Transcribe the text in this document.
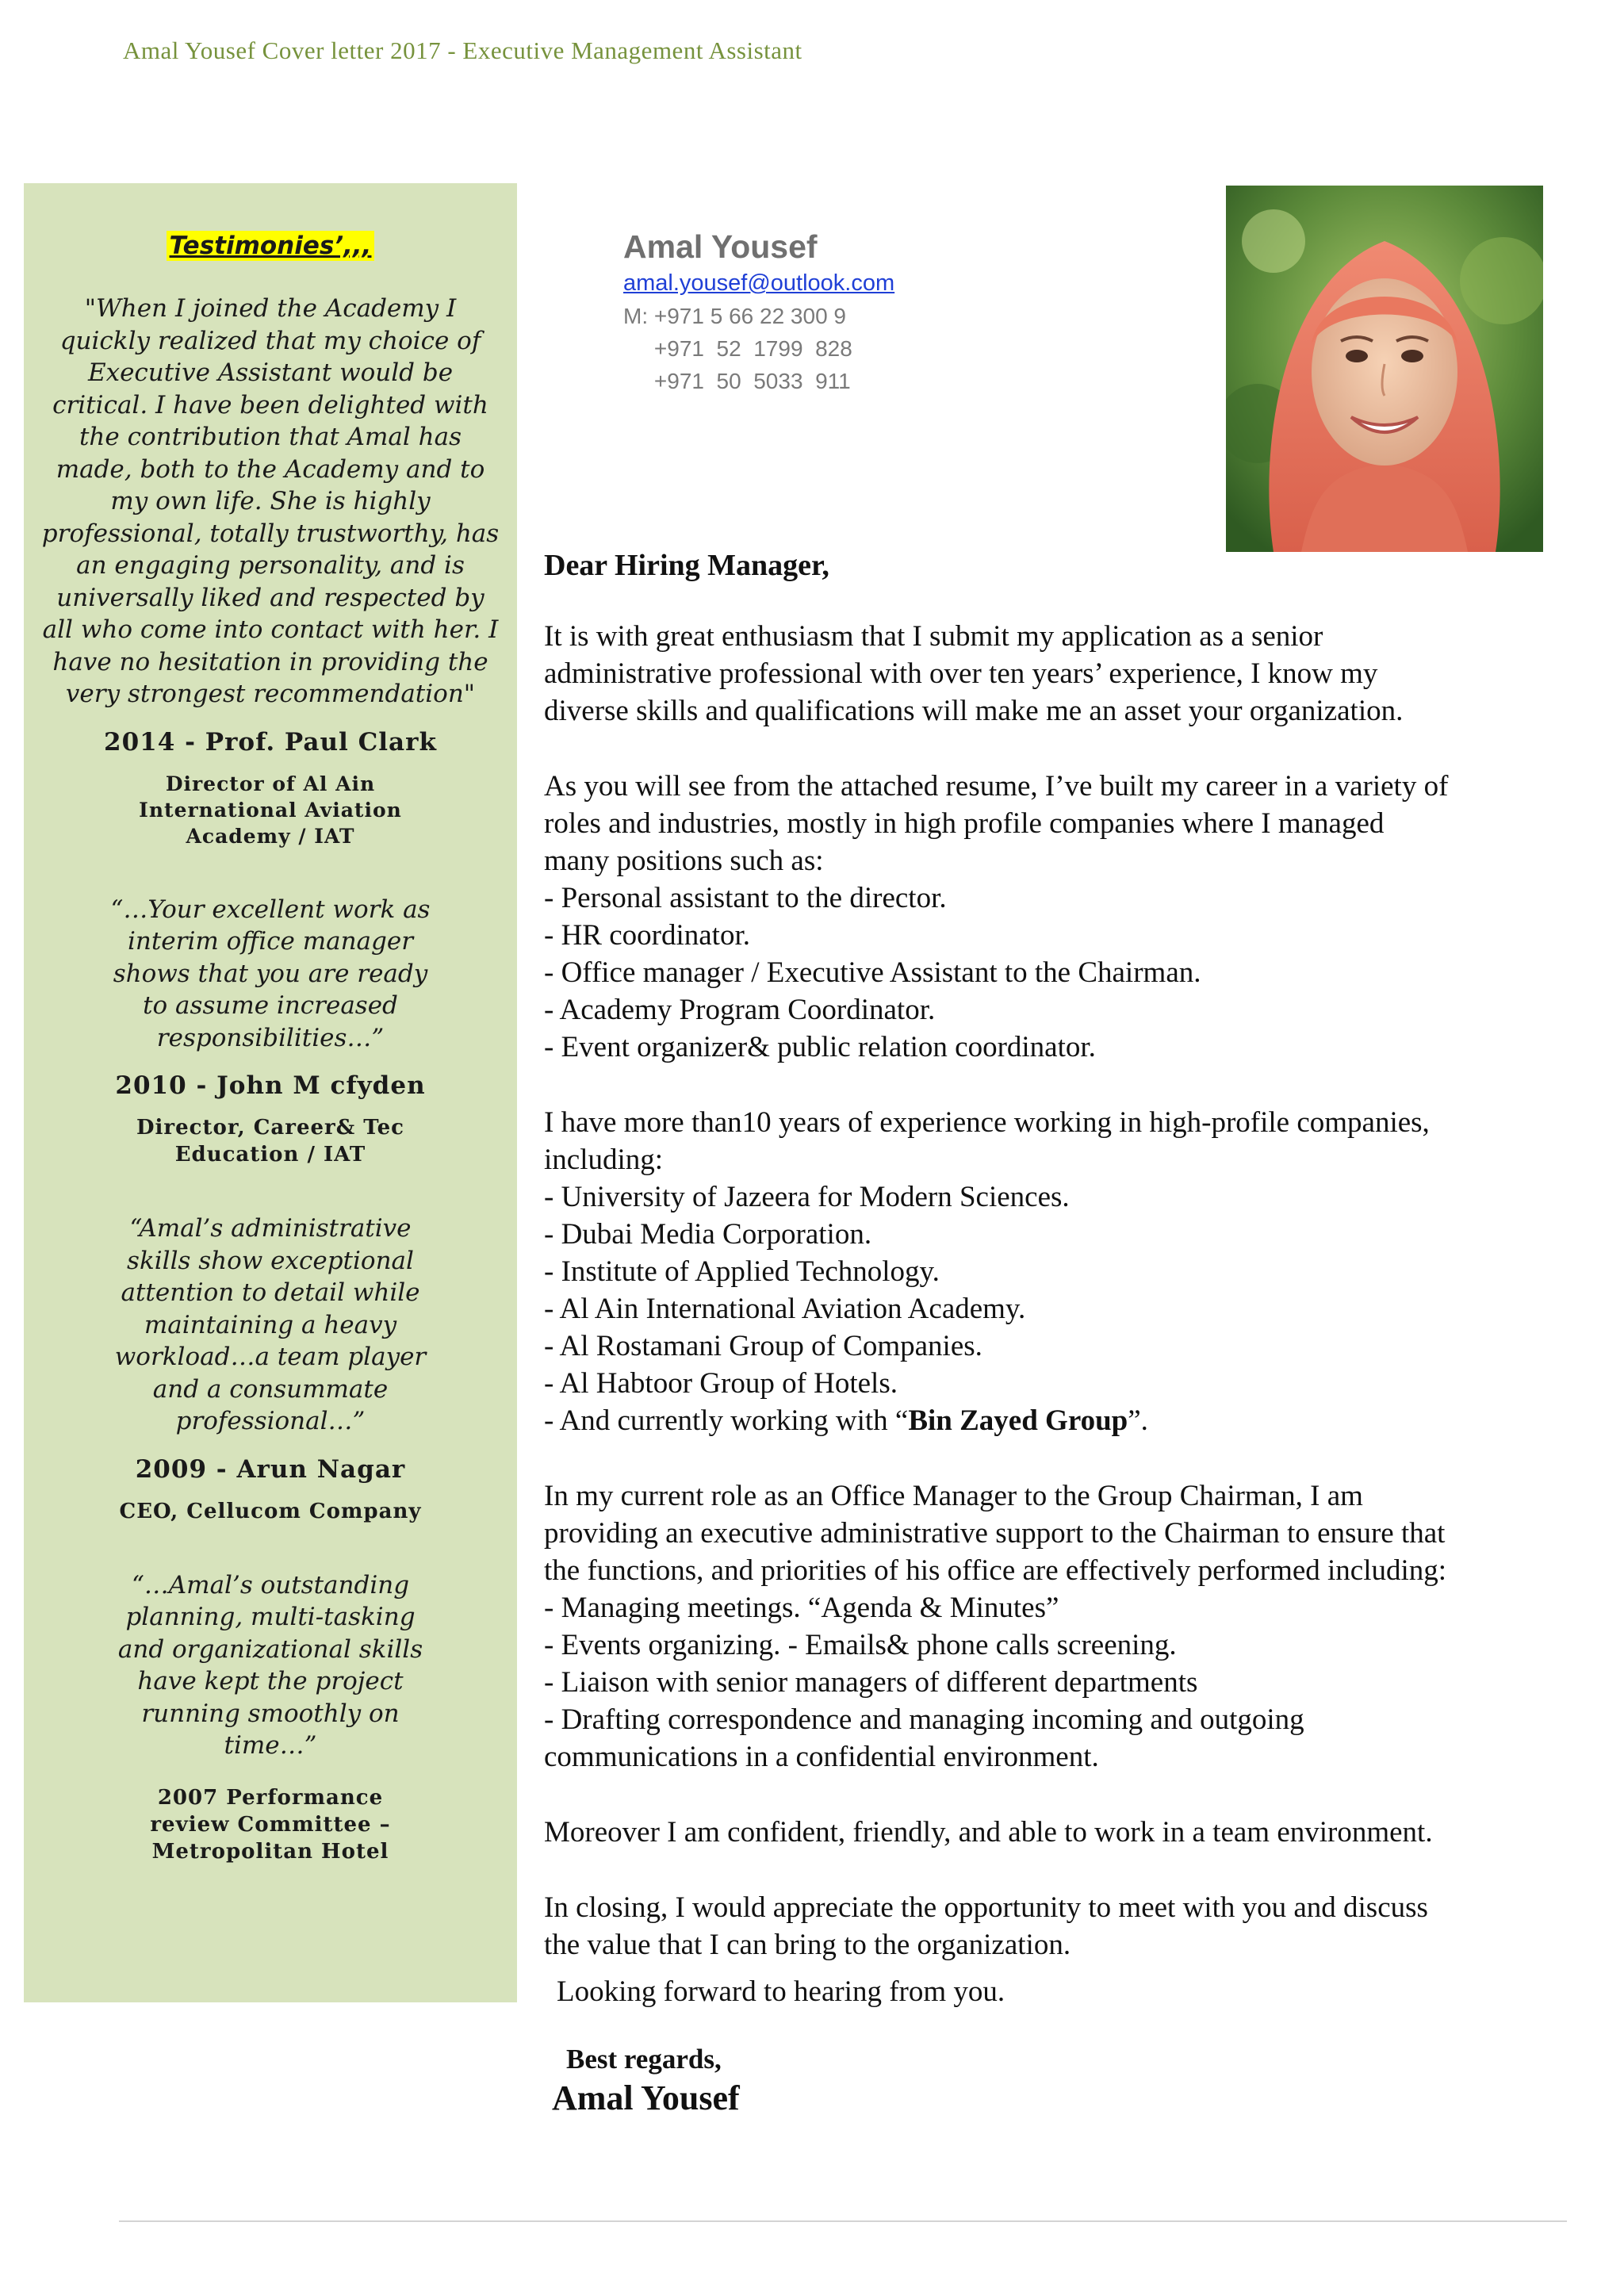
Amal Yousef Cover letter 2017 - Executive Management Assistant
Testimonies’,,,
"When I joined the Academy I quickly realized that my choice of Executive Assistant would be critical. I have been delighted with the contribution that Amal has made, both to the Academy and to my own life. She is highly professional, totally trustworthy, has an engaging personality, and is universally liked and respected by all who come into contact with her. I have no hesitation in providing the very strongest recommendation"
2014 - Prof. Paul Clark
Director of Al Ain International Aviation Academy / IAT
“…Your excellent work as interim office manager shows that you are ready to assume increased responsibilities…”
2010 - John M cfyden
Director, Career& Tec Education / IAT
“Amal’s administrative skills show exceptional attention to detail while maintaining a heavy workload…a team player and a consummate professional…”
2009 - Arun Nagar
CEO, Cellucom Company
“…Amal’s outstanding planning, multi-tasking and organizational skills have kept the project running smoothly on time…”
2007 Performance review Committee – Metropolitan Hotel
Amal Yousef
amal.yousef@outlook.com
M: +971 5 66 22 300 9
+971  52  1799  828
+971  50  5033  911
Dear Hiring Manager,
It is with great enthusiasm that I submit my application as a senior
administrative professional with over ten years’ experience, I know my
diverse skills and qualifications will make me an asset your organization.
As you will see from the attached resume, I’ve built my career in a variety of
roles and industries, mostly in high profile companies where I managed
many positions such as:
- Personal assistant to the director.
- HR coordinator.
- Office manager / Executive Assistant to the Chairman.
- Academy Program Coordinator.
- Event organizer& public relation coordinator.
I have more than10 years of experience working in high-profile companies,
including:
- University of Jazeera for Modern Sciences.
- Dubai Media Corporation.
- Institute of Applied Technology.
- Al Ain International Aviation Academy.
- Al Rostamani Group of Companies.
- Al Habtoor Group of Hotels.
- And currently working with “Bin Zayed Group”.
In my current role as an Office Manager to the Group Chairman, I am
providing an executive administrative support to the Chairman to ensure that
the functions, and priorities of his office are effectively performed including:
- Managing meetings. “Agenda & Minutes”
- Events organizing. - Emails& phone calls screening.
- Liaison with senior managers of different departments
- Drafting correspondence and managing incoming and outgoing
communications in a confidential environment.
Moreover I am confident, friendly, and able to work in a team environment.
In closing, I would appreciate the opportunity to meet with you and discuss
the value that I can bring to the organization.
Looking forward to hearing from you.
Best regards,
Amal Yousef
